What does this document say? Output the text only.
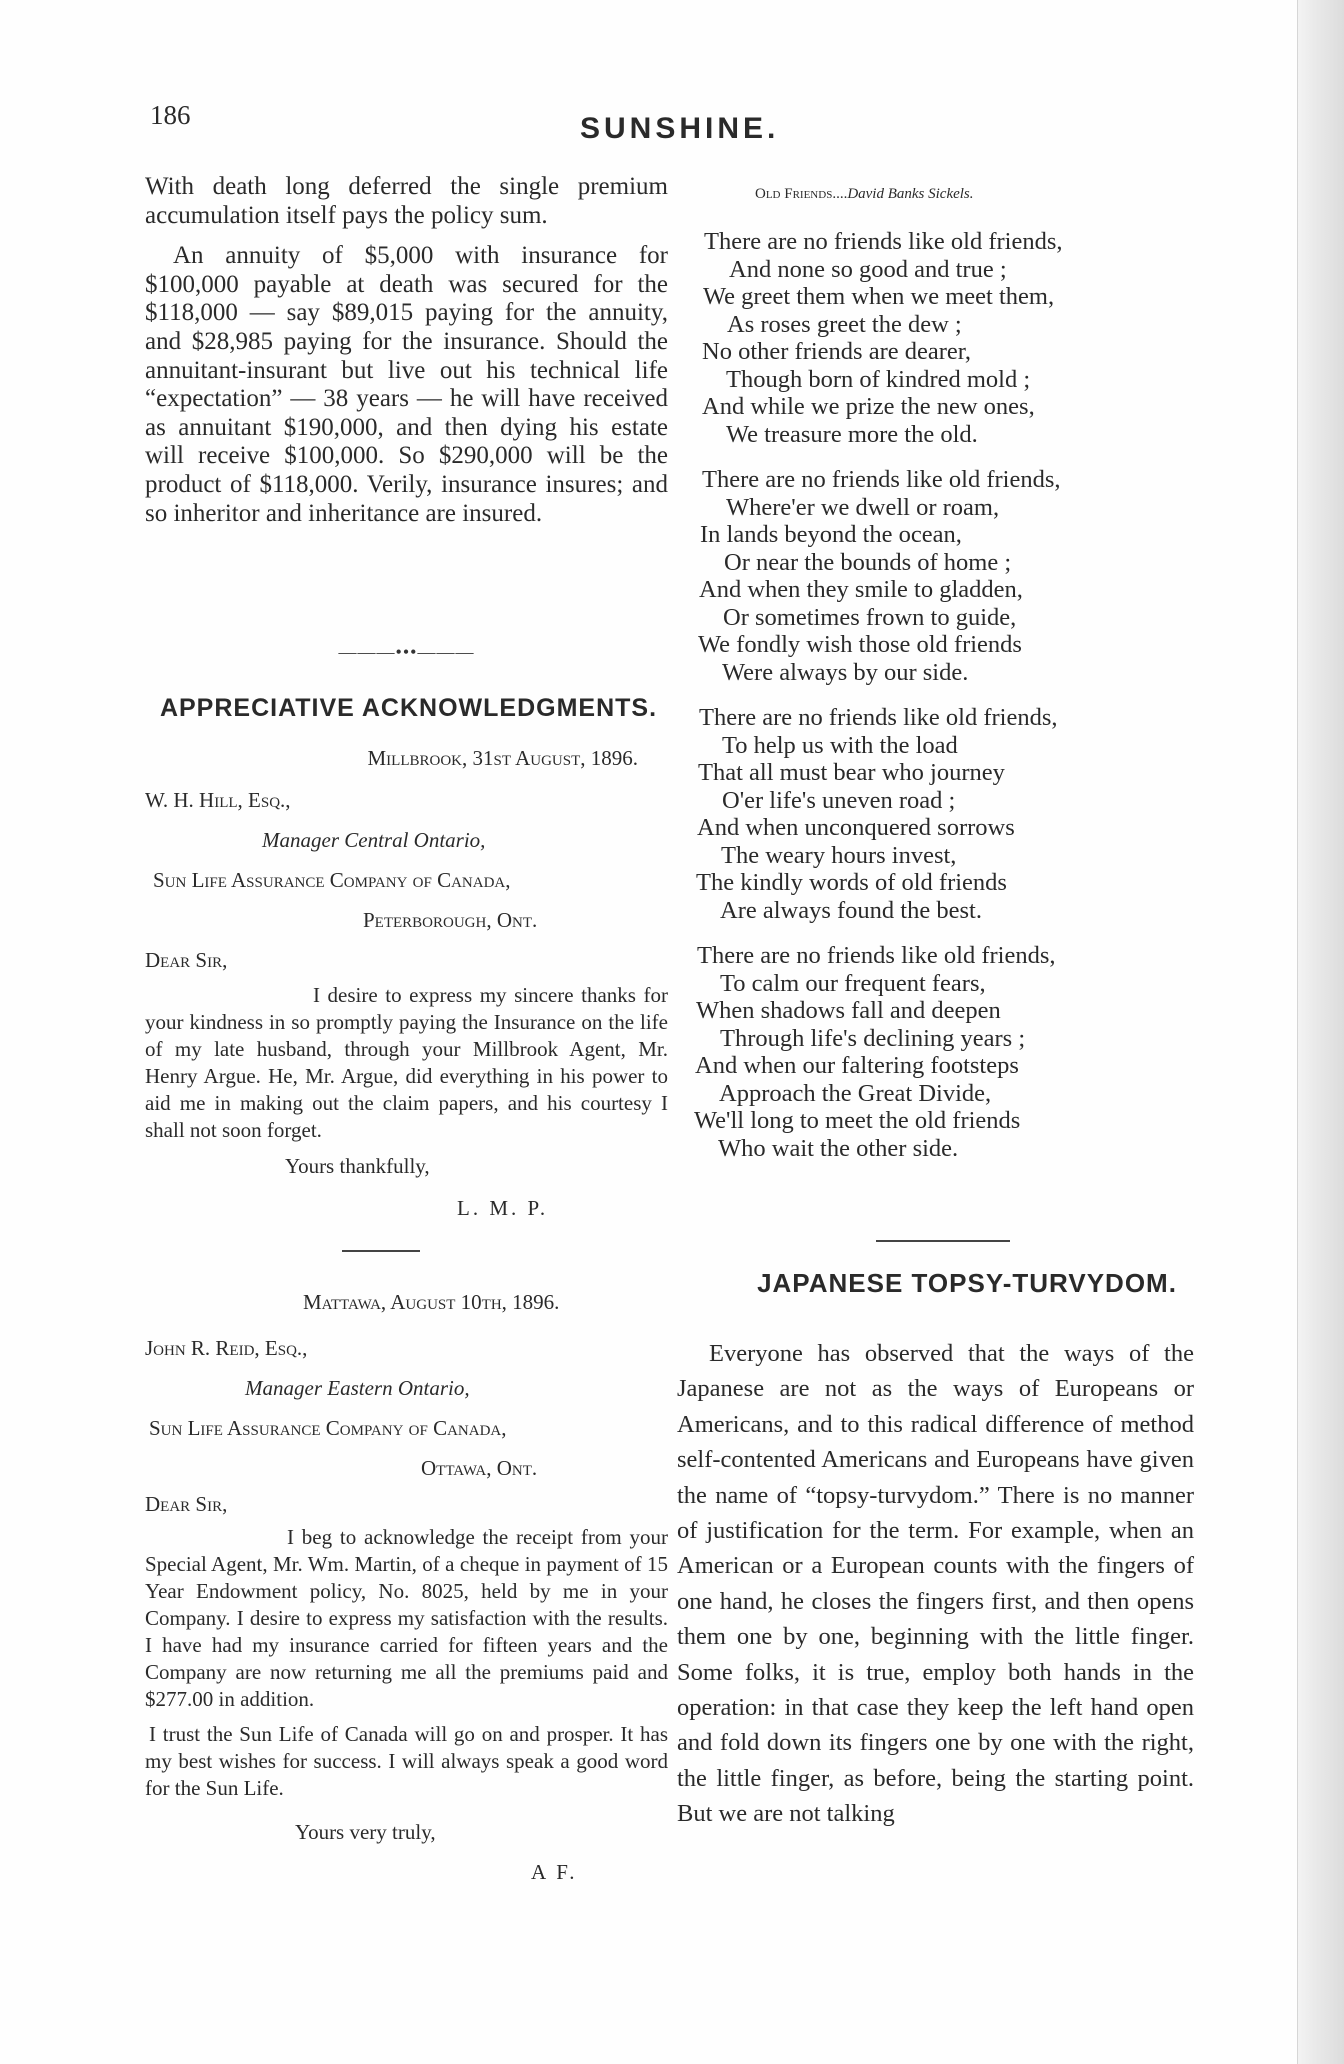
186	SUNSHINE.

With death long deferred the single premium accumulation itself pays the policy sum.

An annuity of $5,000 with insurance for $100,000 payable at death was secured for the $118,000 — say $89,015 paying for the annuity, and $28,985 paying for the insurance. Should the annuitant-insurant but live out his technical life “expectation” — 38 years — he will have received as annuitant $190,000, and then dying his estate will receive $100,000. So $290,000 will be the product of $118,000. Verily, insurance insures; and so inheritor and inheritance are insured.

———•••———
APPRECIATIVE ACKNOWLEDGMENTS.
Millbrook, 31st August, 1896.
W. H. Hill, Esq.,
Manager Central Ontario,
Sun Life Assurance Company of Canada,
Peterborough, Ont.
Dear Sir,

I desire to express my sincere thanks for your kindness in so promptly paying the Insurance on the life of my late husband, through your Millbrook Agent, Mr. Henry Argue. He, Mr. Argue, did everything in his power to aid me in making out the claim papers, and his courtesy I shall not soon forget.

Yours thankfully,
L. M. P.
Mattawa, August 10th, 1896.
John R. Reid, Esq.,
Manager Eastern Ontario,
Sun Life Assurance Company of Canada,
Ottawa, Ont.
Dear Sir,

I beg to acknowledge the receipt from your Special Agent, Mr. Wm. Martin, of a cheque in payment of 15 Year Endowment policy, No. 8025, held by me in your Company. I desire to express my satisfaction with the results. I have had my insurance carried for fifteen years and the Company are now returning me all the premiums paid and $277.00 in addition.

I trust the Sun Life of Canada will go on and prosper. It has my best wishes for success. I will always speak a good word for the Sun Life.

Yours very truly,
A F.
Old Friends....David Banks Sickels.
There are no friends like old friends,
And none so good and true ;
We greet them when we meet them,
As roses greet the dew ;
No other friends are dearer,
Though born of kindred mold ;
And while we prize the new ones,
We treasure more the old.
There are no friends like old friends,
Where'er we dwell or roam,
In lands beyond the ocean,
Or near the bounds of home ;
And when they smile to gladden,
Or sometimes frown to guide,
We fondly wish those old friends
Were always by our side.
There are no friends like old friends,
To help us with the load
That all must bear who journey
O'er life's uneven road ;
And when unconquered sorrows
The weary hours invest,
The kindly words of old friends
Are always found the best.
There are no friends like old friends,
To calm our frequent fears,
When shadows fall and deepen
Through life's declining years ;
And when our faltering footsteps
Approach the Great Divide,
We'll long to meet the old friends
Who wait the other side.
JAPANESE TOPSY-TURVYDOM.

Everyone has observed that the ways of the Japanese are not as the ways of Europeans or Americans, and to this radical difference of method self-contented Americans and Europeans have given the name of “topsy-turvydom.” There is no manner of justification for the term. For example, when an American or a European counts with the fingers of one hand, he closes the fingers first, and then opens them one by one, beginning with the little finger. Some folks, it is true, employ both hands in the operation: in that case they keep the left hand open and fold down its fingers one by one with the right, the little finger, as before, being the starting point. But we are not talking
